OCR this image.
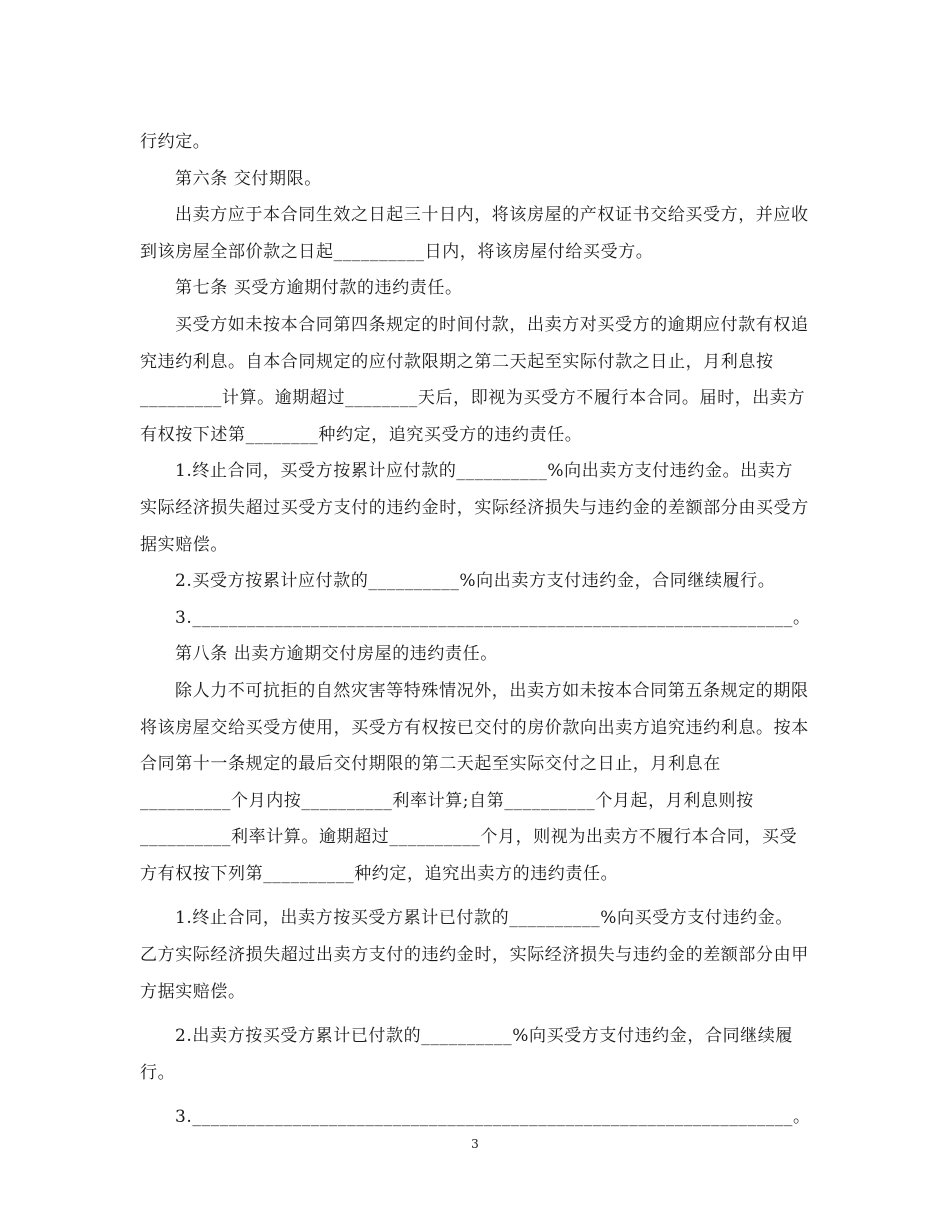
行约定。

第六条 交付期限。

出卖方应于本合同生效之日起三十日内，将该房屋的产权证书交给买受方，并应收到该房屋全部价款之日起__________日内，将该房屋付给买受方。

第七条 买受方逾期付款的违约责任。

买受方如未按本合同第四条规定的时间付款，出卖方对买受方的逾期应付款有权追究违约利息。自本合同规定的应付款限期之第二天起至实际付款之日止，月利息按_________计算。逾期超过________天后，即视为买受方不履行本合同。届时，出卖方有权按下述第________种约定，追究买受方的违约责任。

1.终止合同，买受方按累计应付款的__________%向出卖方支付违约金。出卖方实际经济损失超过买受方支付的违约金时，实际经济损失与违约金的差额部分由买受方据实赔偿。

2.买受方按累计应付款的__________%向出卖方支付违约金，合同继续履行。

3.__________________________________________________________________。

第八条 出卖方逾期交付房屋的违约责任。

除人力不可抗拒的自然灾害等特殊情况外，出卖方如未按本合同第五条规定的期限将该房屋交给买受方使用，买受方有权按已交付的房价款向出卖方追究违约利息。按本合同第十一条规定的最后交付期限的第二天起至实际交付之日止，月利息在__________个月内按__________利率计算;自第__________个月起，月利息则按__________利率计算。逾期超过__________个月，则视为出卖方不履行本合同，买受方有权按下列第__________种约定，追究出卖方的违约责任。

1.终止合同，出卖方按买受方累计已付款的__________%向买受方支付违约金。乙方实际经济损失超过出卖方支付的违约金时，实际经济损失与违约金的差额部分由甲方据实赔偿。

2.出卖方按买受方累计已付款的__________%向买受方支付违约金，合同继续履行。

3.__________________________________________________________________。

3
